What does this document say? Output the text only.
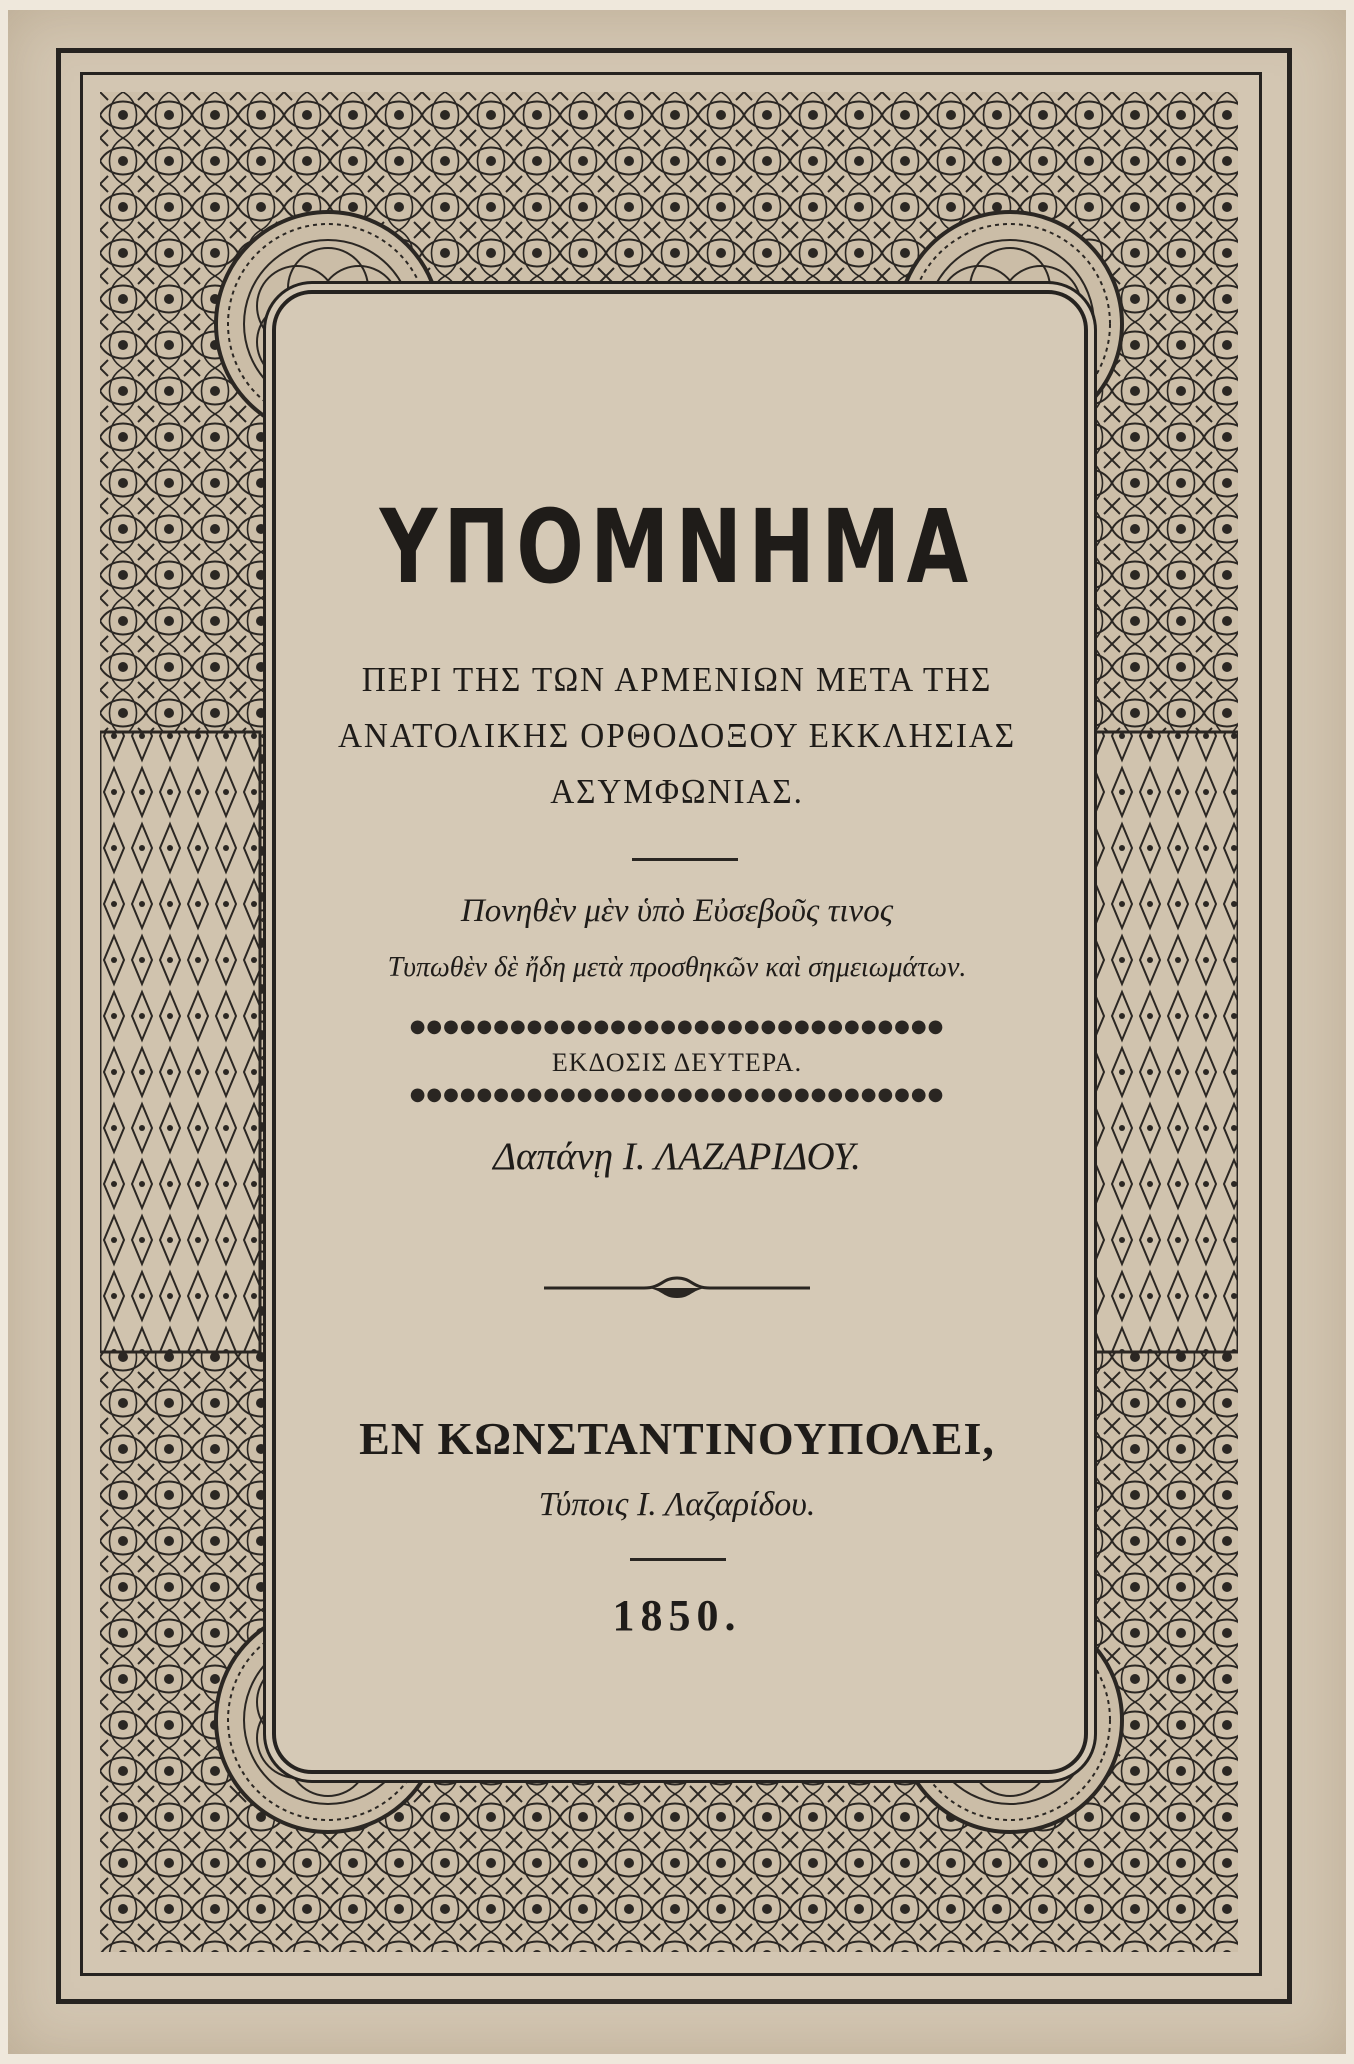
ΥΠΟΜΝΗΜΑ
ΠΕΡΙ ΤΗΣ ΤΩΝ ΑΡΜΕΝΙΩΝ ΜΕΤΑ ΤΗΣ
ΑΝΑΤΟΛΙΚΗΣ ΟΡΘΟΔΟΞΟΥ ΕΚΚΛΗΣΙΑΣ
ΑΣΥΜΦΩΝΙΑΣ.
Πονηθὲν μὲν ὑπὸ Εὐσεβοῦς τινος
Τυπωθὲν δὲ ἤδη μετὰ προσθηκῶν καὶ σημειωμάτων.
●●●●●●●●●●●●●●●●●●●●●●●●●●●●●●●●
ΕΚΔΟΣΙΣ ΔΕΥΤΕΡΑ.
●●●●●●●●●●●●●●●●●●●●●●●●●●●●●●●●
Δαπάνῃ Ι. ΛΑΖΑΡΙΔΟΥ.
ΕΝ ΚΩΝΣΤΑΝΤΙΝΟΥΠΟΛΕΙ,
Τύποις Ι. Λαζαρίδου.
1850.
